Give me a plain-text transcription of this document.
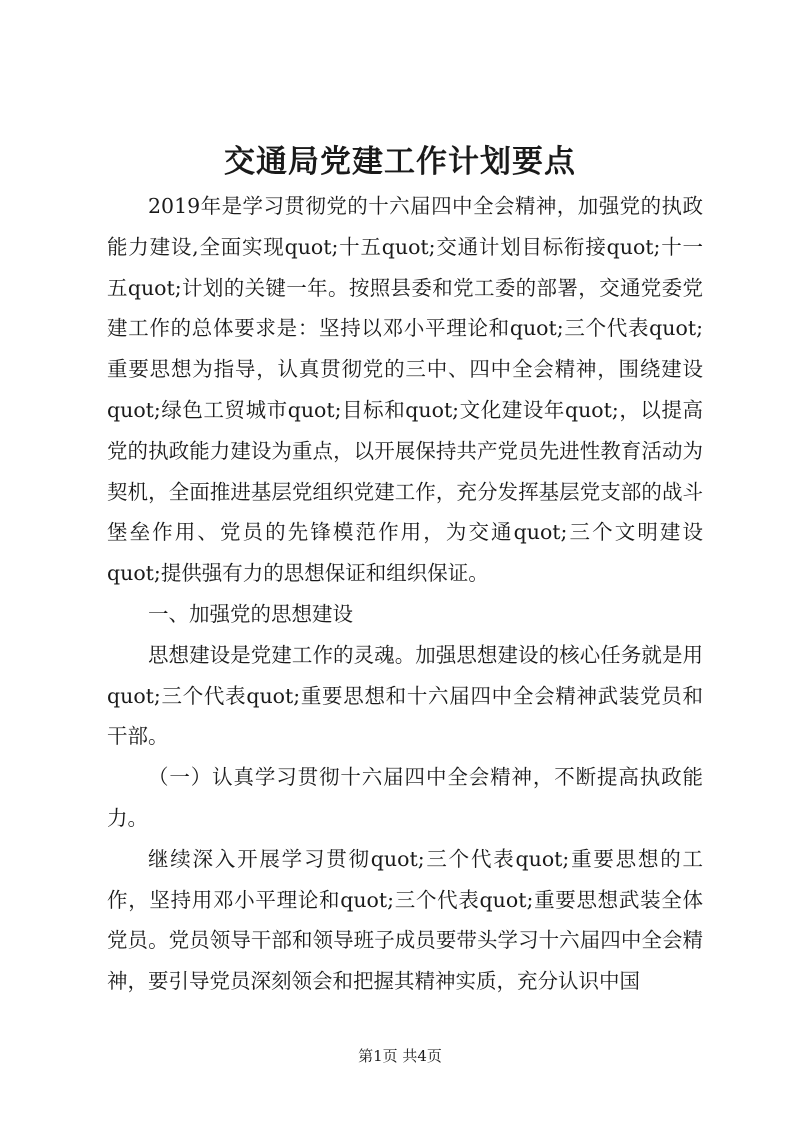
交通局党建工作计划要点

2019年是学习贯彻党的十六届四中全会精神，加强党的执政能力建设,全面实现quot;十五quot;交通计划目标衔接quot;十一五quot;计划的关键一年。按照县委和党工委的部署，交通党委党建工作的总体要求是：坚持以邓小平理论和quot;三个代表quot;重要思想为指导，认真贯彻党的三中、四中全会精神，围绕建设quot;绿色工贸城市quot;目标和quot;文化建设年quot;，以提高党的执政能力建设为重点，以开展保持共产党员先进性教育活动为契机，全面推进基层党组织党建工作，充分发挥基层党支部的战斗堡垒作用、党员的先锋模范作用，为交通quot;三个文明建设quot;提供强有力的思想保证和组织保证。

一、加强党的思想建设

思想建设是党建工作的灵魂。加强思想建设的核心任务就是用quot;三个代表quot;重要思想和十六届四中全会精神武装党员和干部。

（一）认真学习贯彻十六届四中全会精神，不断提高执政能力。

继续深入开展学习贯彻quot;三个代表quot;重要思想的工作，坚持用邓小平理论和quot;三个代表quot;重要思想武装全体党员。党员领导干部和领导班子成员要带头学习十六届四中全会精神，要引导党员深刻领会和把握其精神实质，充分认识中国

第1页 共4页
